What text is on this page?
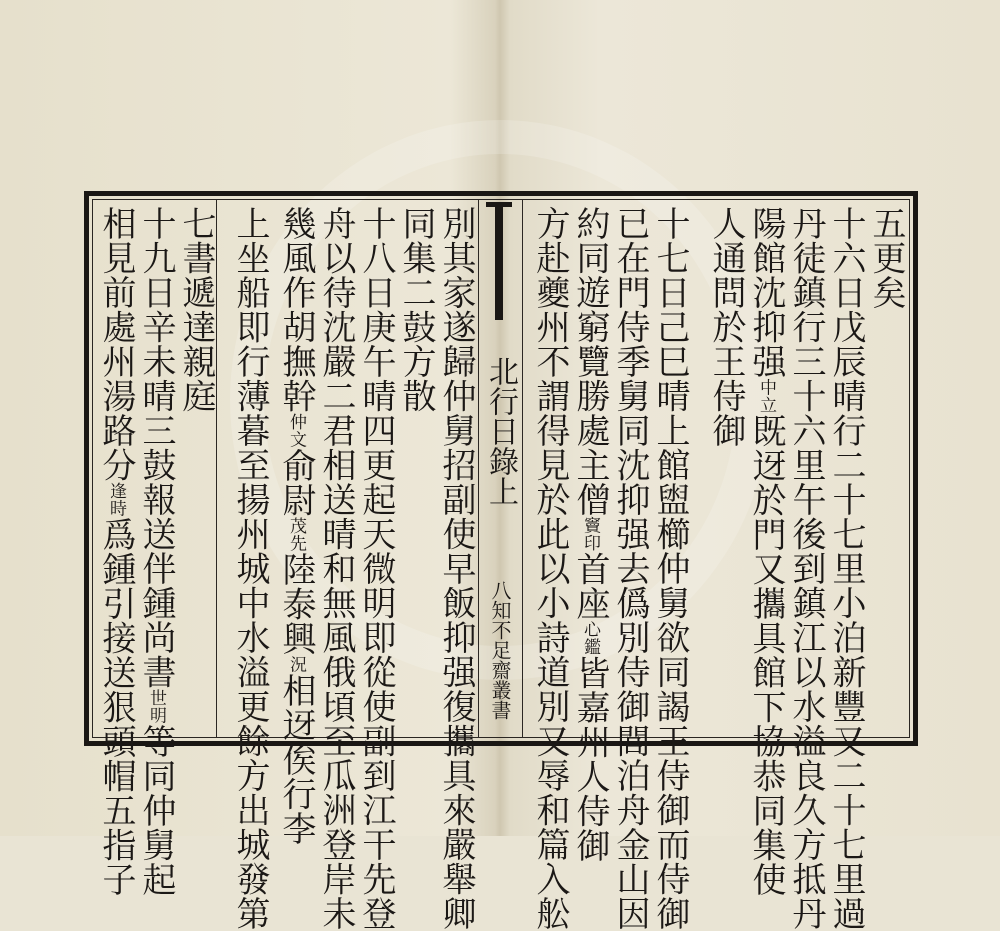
五更矣
十六日戊辰晴行二十七里小泊新豐又二十七里過
丹徒鎮行三十六里午後到鎮江以水溢良久方抵丹
陽館沈抑强中立既迓於門又攜具館下協恭同集使
人通問於王侍御
十七日己巳晴上館盥櫛仲舅欲同謁王侍御而侍御
已在門侍季舅同沈抑强去僞別侍御閭泊舟金山因
約同遊窮覽勝處主僧竇印首座心鑑皆嘉州人侍御
方赴夔州不謂得見於此以小詩道別又辱和篇入舩
北行日錄上
八知不足齋叢書
別其家遂歸仲舅招副使早飯抑强復攜具來嚴舉卿
同集二鼓方散
十八日庚午晴四更起天微明即從使副到江干先登
舟以待沈嚴二君相送晴和無風俄頃至瓜洲登岸未
幾風作胡撫幹仲文俞尉茂先陸泰興況相迓俟行李
上坐船即行薄暮至揚州城中水溢更餘方出城發第
七書遞達親庭
十九日辛未晴三鼓報送伴鍾尚書世明等同仲舅起
相見前處州湯路分逢時爲鍾引接送狠頭帽五指子
